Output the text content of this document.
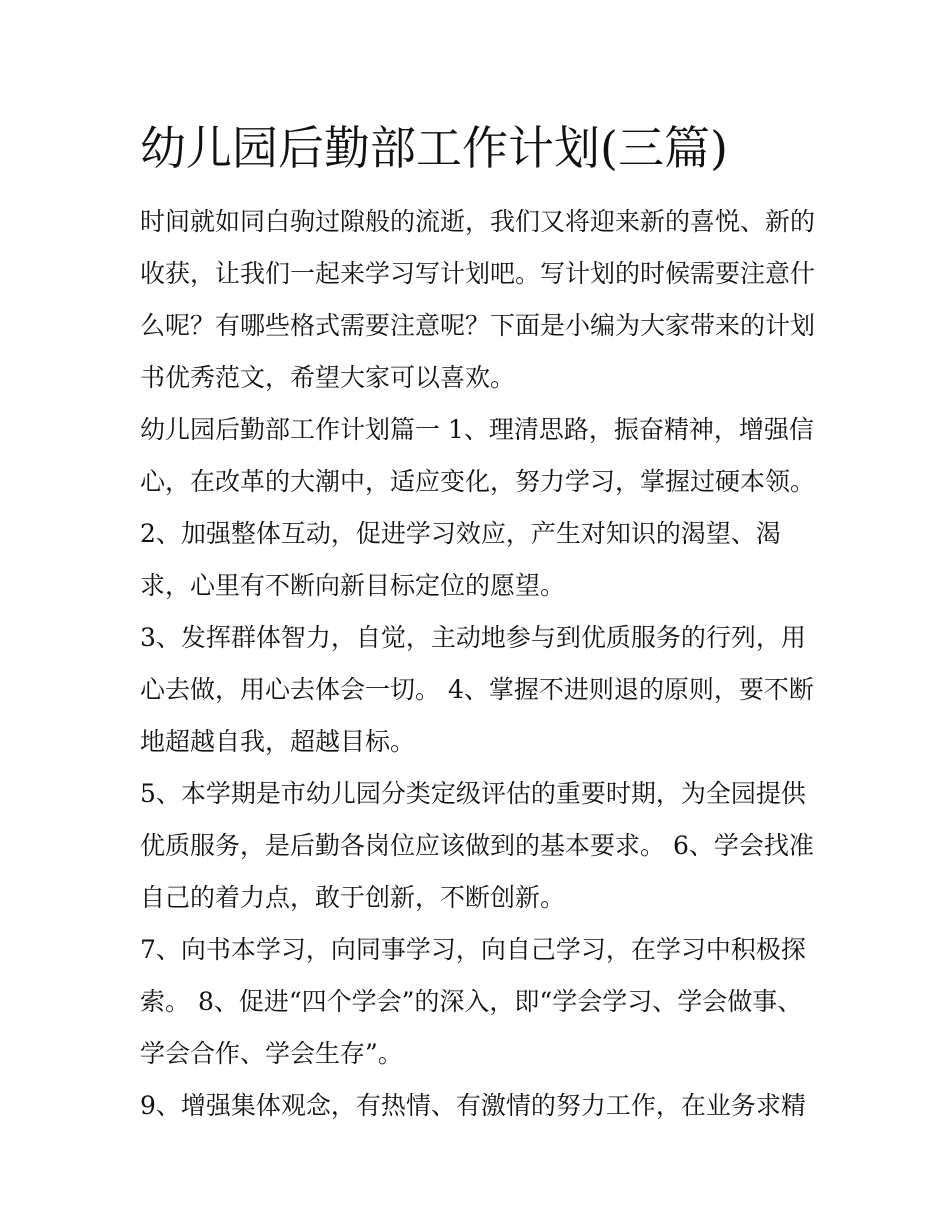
幼儿园后勤部工作计划(三篇)
时间就如同白驹过隙般的流逝，我们又将迎来新的喜悦、新的
收获，让我们一起来学习写计划吧。写计划的时候需要注意什
么呢？有哪些格式需要注意呢？下面是小编为大家带来的计划
书优秀范文，希望大家可以喜欢。
幼儿园后勤部工作计划篇一 1、理清思路，振奋精神，增强信
心，在改革的大潮中，适应变化，努力学习，掌握过硬本领。
2、加强整体互动，促进学习效应，产生对知识的渴望、渴
求，心里有不断向新目标定位的愿望。
3、发挥群体智力，自觉，主动地参与到优质服务的行列，用
心去做，用心去体会一切。 4、掌握不进则退的原则，要不断
地超越自我，超越目标。
5、本学期是市幼儿园分类定级评估的重要时期，为全园提供
优质服务，是后勤各岗位应该做到的基本要求。 6、学会找准
自己的着力点，敢于创新，不断创新。
7、向书本学习，向同事学习，向自己学习，在学习中积极探
索。 8、促进“四个学会”的深入，即“学会学习、学会做事、
学会合作、学会生存”。
9、增强集体观念，有热情、有激情的努力工作，在业务求精
